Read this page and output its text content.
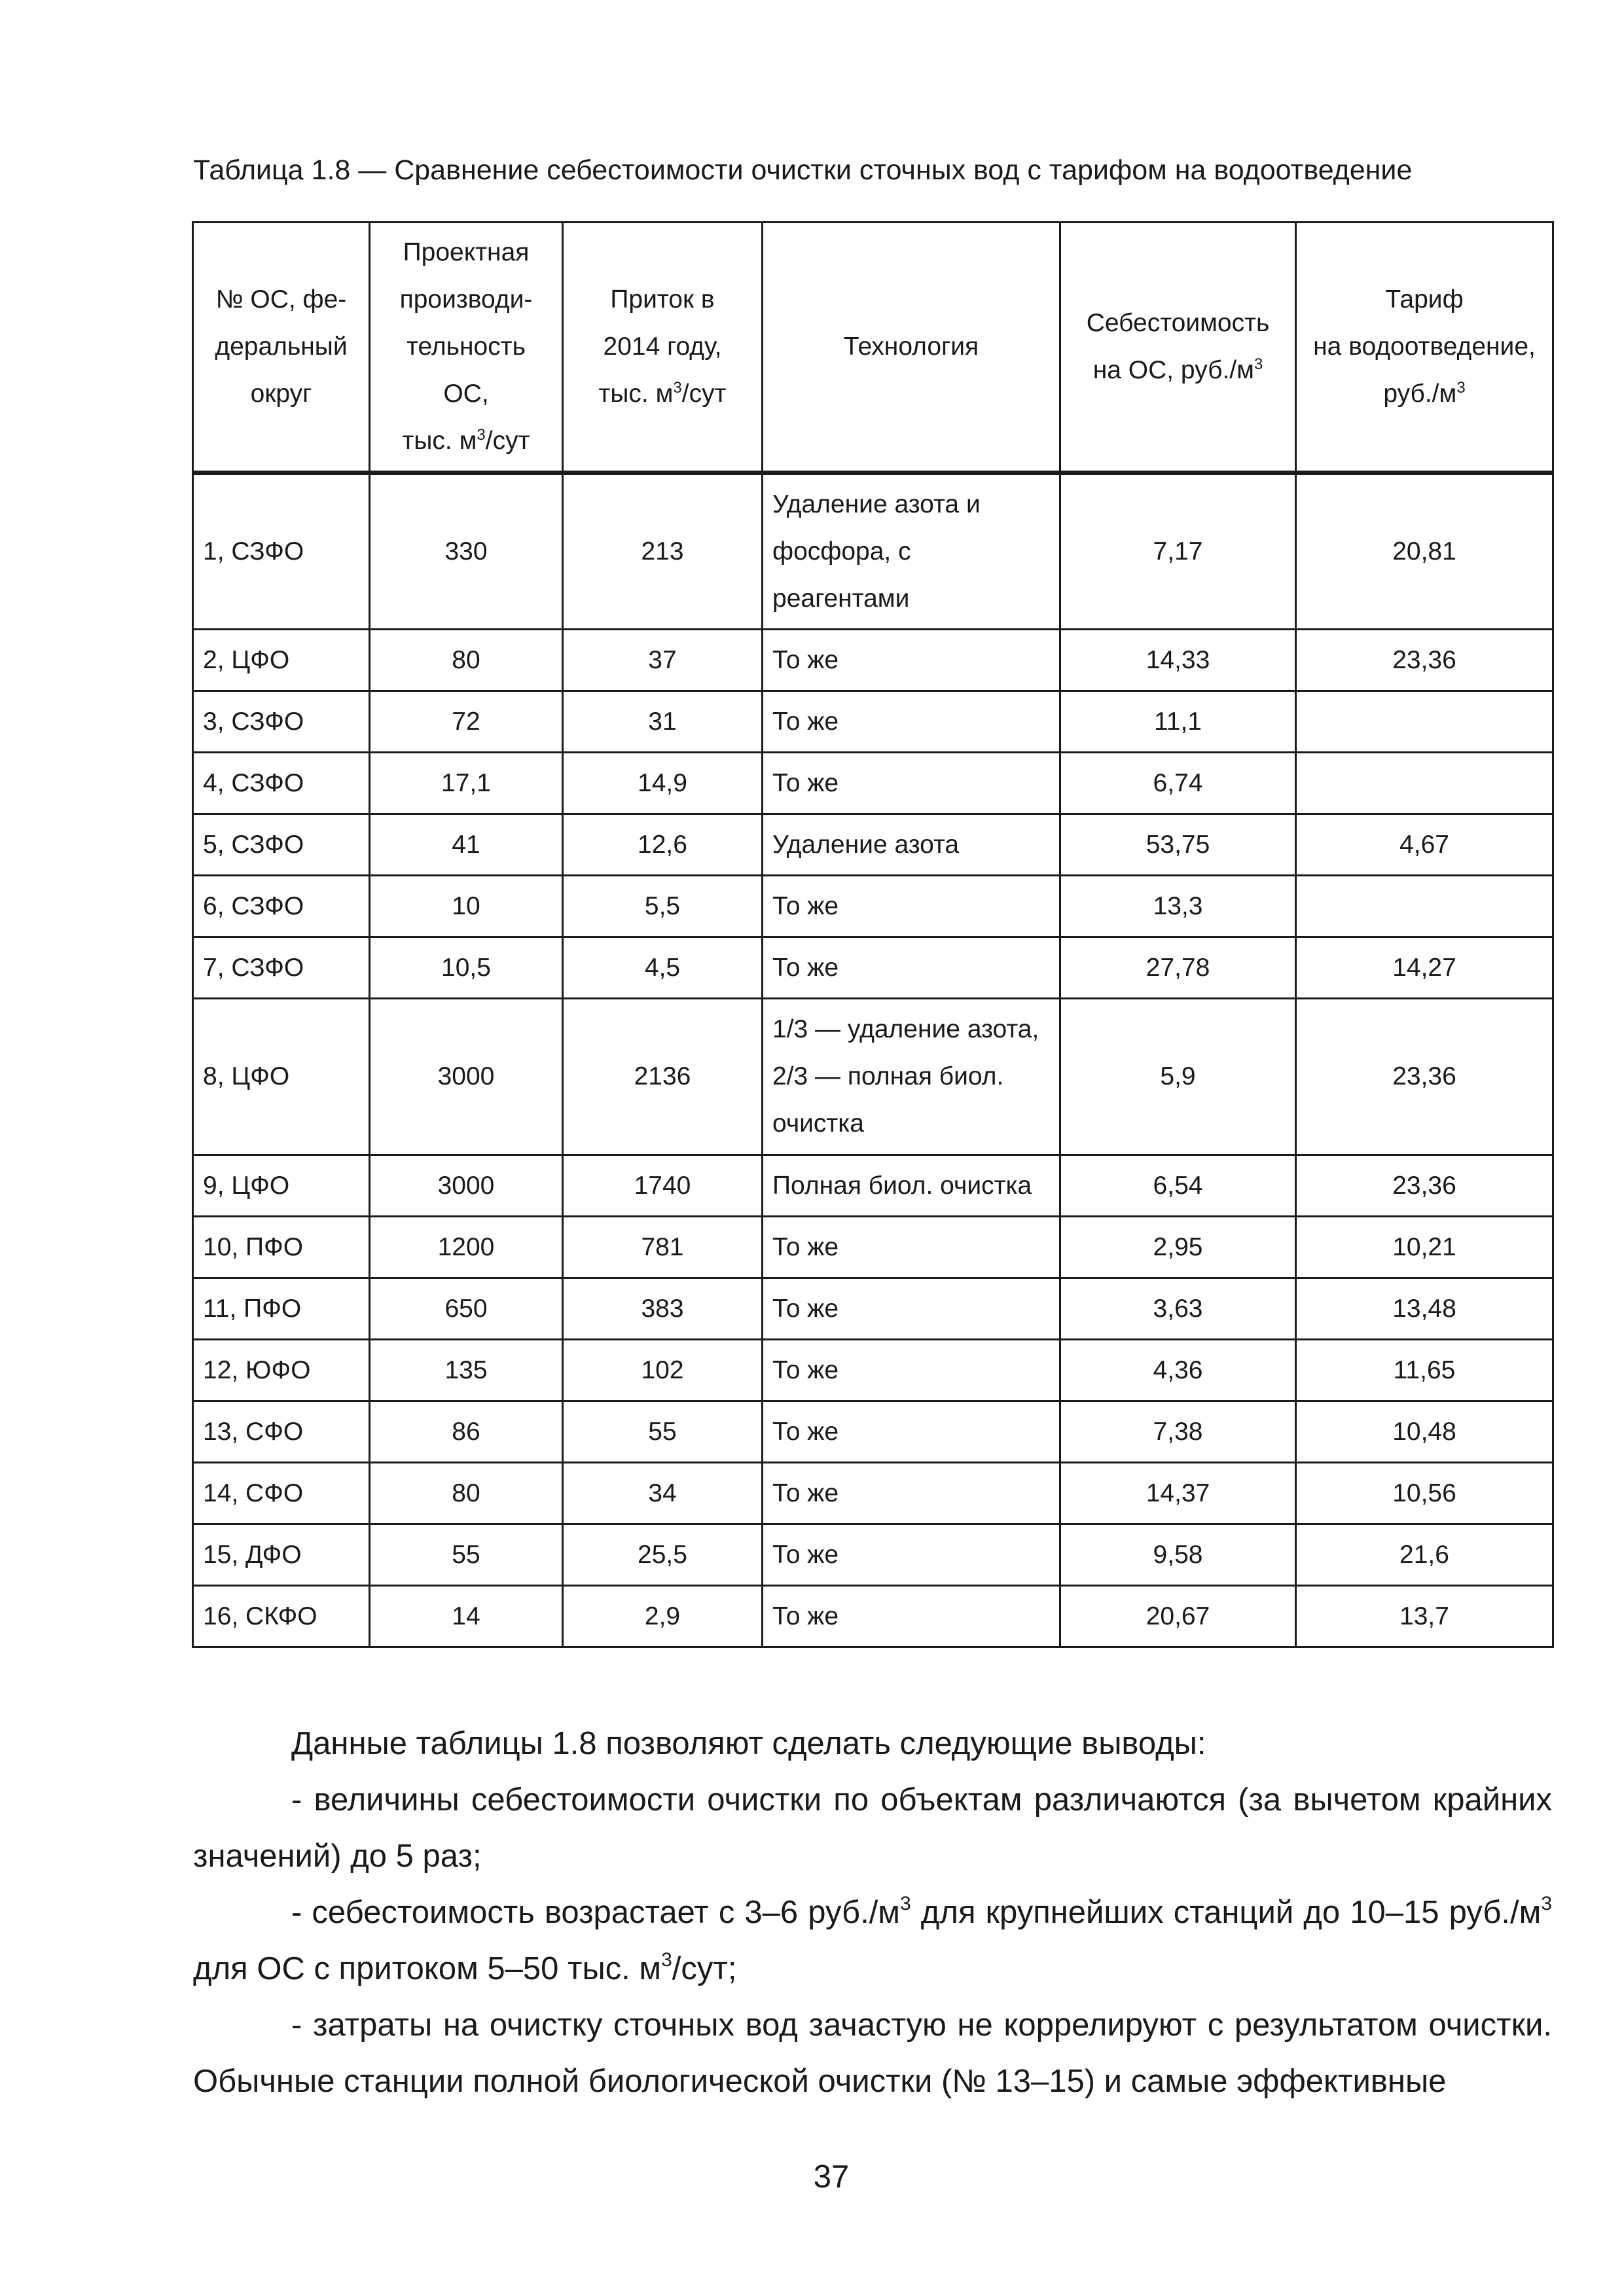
Таблица 1.8 — Сравнение себестоимости очистки сточных вод с тарифом на водоотведение
№ ОС, фе-
деральный
округ	Проектная
производи-
тельность
ОС,
тыс. $м^3$/сут	Приток в
2014 году,
тыс. $м^3$/сут	Технология	Себестоимость
на ОС, $руб./м^3$	Тариф
на водоотведение,
$руб./м^3$

1, СЗФО	330	213	Удаление азота и фосфора, с реагентами	7,17	20,81
2, ЦФО	80	37	То же	14,33	23,36
3, СЗФО	72	31	То же	11,1	
4, СЗФО	17,1	14,9	То же	6,74	
5, СЗФО	41	12,6	Удаление азота	53,75	4,67
6, СЗФО	10	5,5	То же	13,3	
7, СЗФО	10,5	4,5	То же	27,78	14,27
8, ЦФО	3000	2136	1/3 — удаление азота, 2/3 — полная биол. очистка	5,9	23,36
9, ЦФО	3000	1740	Полная биол. очистка	6,54	23,36
10, ПФО	1200	781	То же	2,95	10,21
11, ПФО	650	383	То же	3,63	13,48
12, ЮФО	135	102	То же	4,36	11,65
13, СФО	86	55	То же	7,38	10,48
14, СФО	80	34	То же	14,37	10,56
15, ДФО	55	25,5	То же	9,58	21,6
16, СКФО	14	2,9	То же	20,67	13,7

Данные таблицы 1.8 позволяют сделать следующие выводы:

- величины себестоимости очистки по объектам различаются (за вычетом крайних значений) до 5 раз;

- себестоимость возрастает с 3–6 $руб./м^3$ для крупнейших станций до 10–15 $руб./м^3$ для ОС с притоком 5–50 тыс. $м^3$/сут;

- затраты на очистку сточных вод зачастую не коррелируют с результатом очистки. Обычные станции полной биологической очистки (№ 13–15) и самые эффективные

37
